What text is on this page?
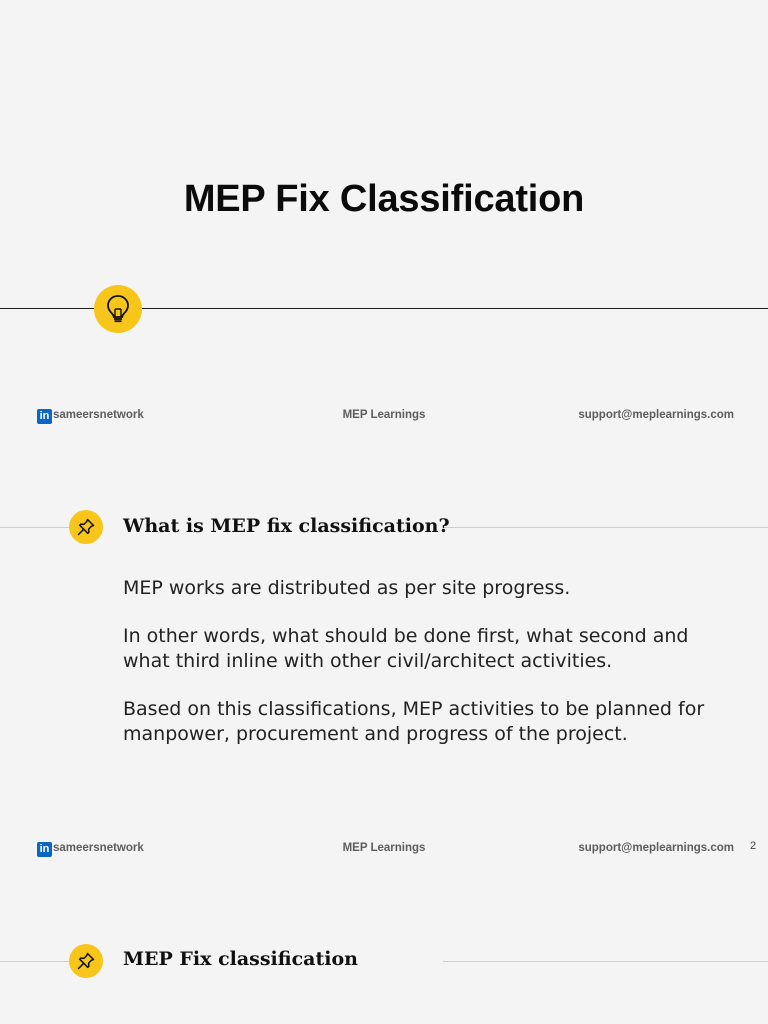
MEP Fix Classification
in sameersnetwork	MEP Learnings	support@meplearnings.com
What is MEP fix classification?
MEP works are distributed as per site progress.
In other words, what should be done first, what second and what third inline with other civil/architect activities.
Based on this classifications, MEP activities to be planned for manpower, procurement and progress of the project.
in sameersnetwork	MEP Learnings	support@meplearnings.com 2
MEP Fix classification
